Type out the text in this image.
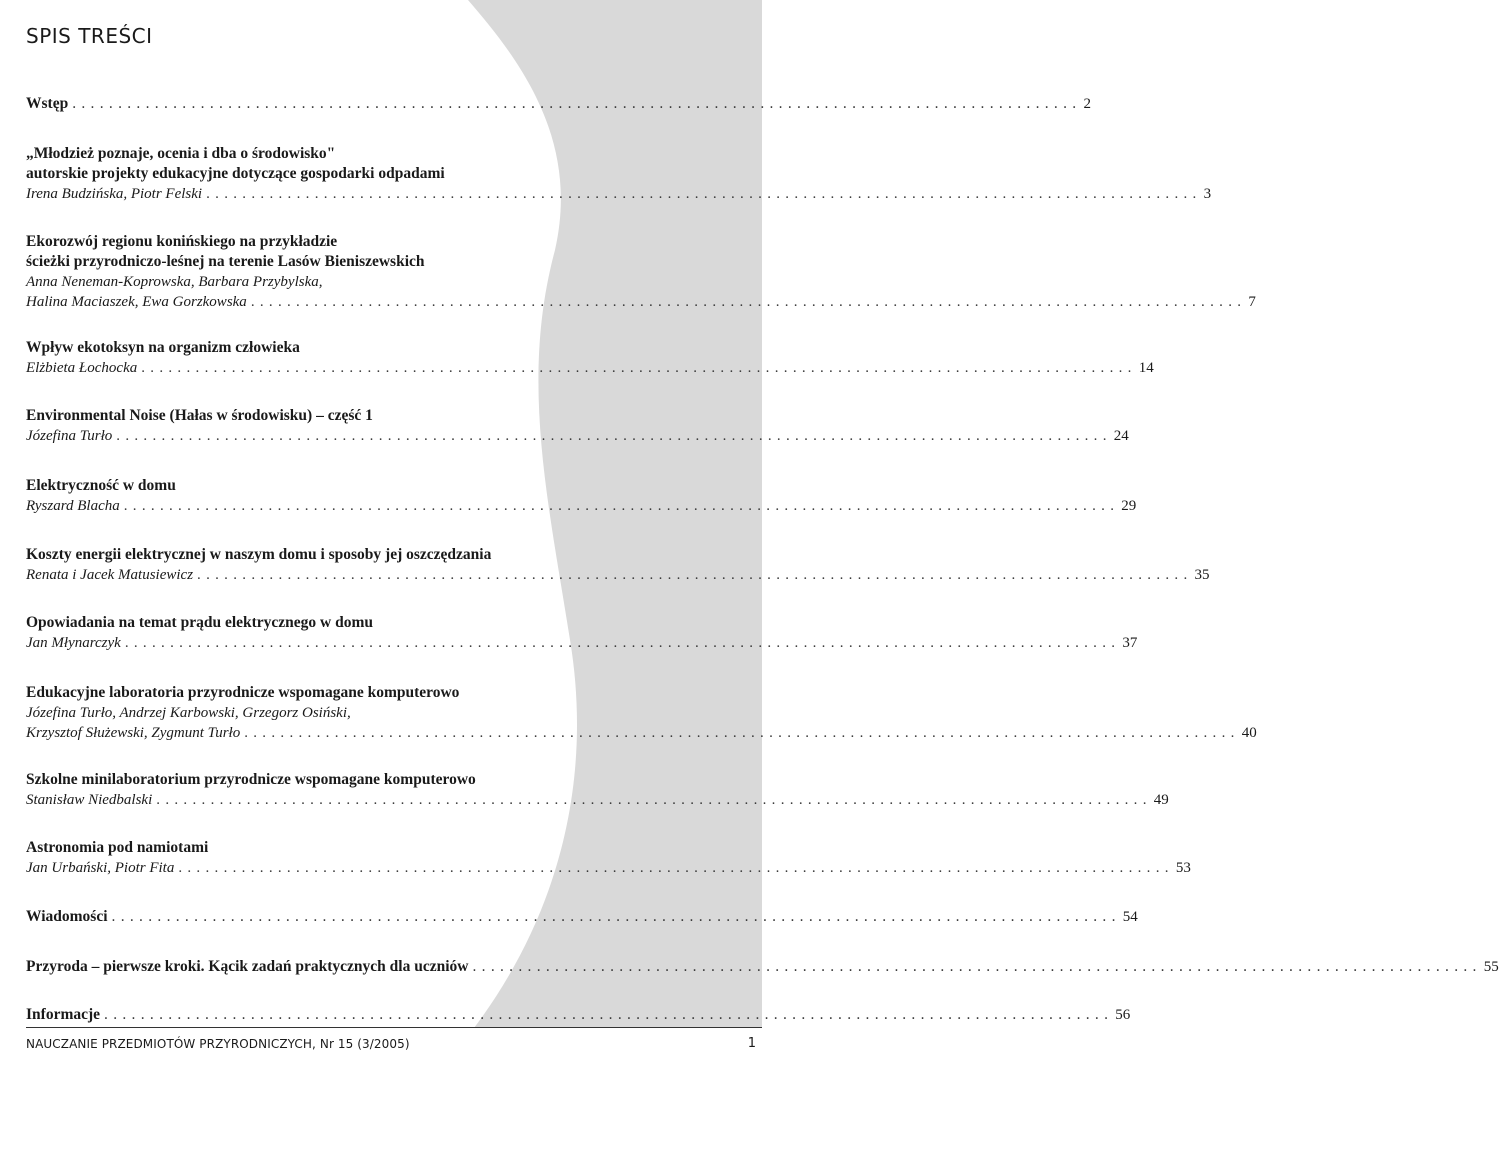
SPIS TREŚCI
Wstęp .............................................................................................................. 2
„Młodzież poznaje, ocenia i dba o środowisko"
autorskie projekty edukacyjne dotyczące gospodarki odpadami
Irena Budzińska, Piotr Felski .............................................................................................................. 3
Ekorozwój regionu konińskiego na przykładzie
ścieżki przyrodniczo-leśnej na terenie Lasów Bieniszewskich
Anna Neneman-Koprowska, Barbara Przybylska,
Halina Maciaszek, Ewa Gorzkowska .............................................................................................................. 7
Wpływ ekotoksyn na organizm człowieka
Elżbieta Łochocka .............................................................................................................. 14
Environmental Noise (Hałas w środowisku) – część 1
Józefina Turło .............................................................................................................. 24
Elektryczność w domu
Ryszard Blacha .............................................................................................................. 29
Koszty energii elektrycznej w naszym domu i sposoby jej oszczędzania
Renata i Jacek Matusiewicz .............................................................................................................. 35
Opowiadania na temat prądu elektrycznego w domu
Jan Młynarczyk .............................................................................................................. 37
Edukacyjne laboratoria przyrodnicze wspomagane komputerowo
Józefina Turło, Andrzej Karbowski, Grzegorz Osiński,
Krzysztof Służewski, Zygmunt Turło .............................................................................................................. 40
Szkolne minilaboratorium przyrodnicze wspomagane komputerowo
Stanisław Niedbalski .............................................................................................................. 49
Astronomia pod namiotami
Jan Urbański, Piotr Fita .............................................................................................................. 53
Wiadomości .............................................................................................................. 54
Przyroda – pierwsze kroki. Kącik zadań praktycznych dla uczniów .............................................................................................................. 55
Informacje .............................................................................................................. 56
NAUCZANIE PRZEDMIOTÓW PRZYRODNICZYCH, Nr 15 (3/2005)	1
